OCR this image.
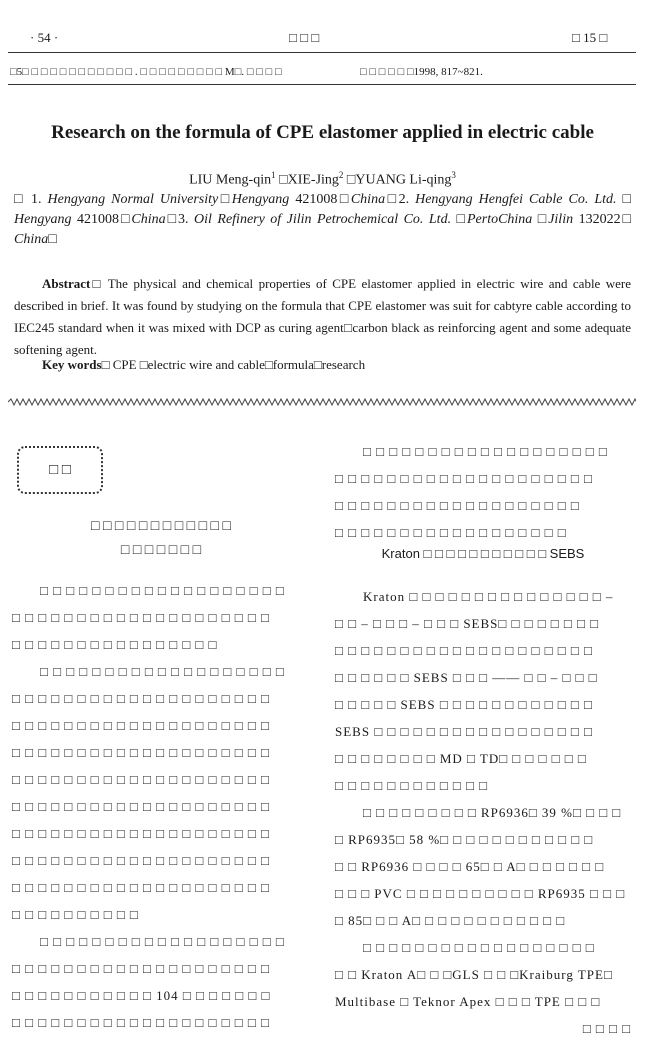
· 54 ·	□ □ □	□ 15 □
□5□ □ □ □ □ □ □ □ □ □ □ □ . □ □ □ □ □ □ □ □ □ M□. □ □ □ □	□ □ □ □ □ □1998, 817~821.
Research on the formula of CPE elastomer applied in electric cable
LIU Meng-qin$^1$ □XIE-Jing$^2$ □YUANG Li-qing$^3$
□ 1. Hengyang Normal University□Hengyang 421008□China□2. Hengyang Hengfei Cable Co. Ltd. □ Hengyang 421008□China□3. Oil Refinery of Jilin Petrochemical Co. Ltd. □PertoChina □Jilin 132022□ China□
Abstract□ The physical and chemical properties of CPE elastomer applied in electric wire and cable were described in brief. It was found by studying on the formula that CPE elastomer was suit for cabtyre cable according to IEC245 standard when it was mixed with DCP as curing agent□carbon black as reinforcing agent and some adequate softening agent.
Key words□ CPE □electric wire and cable□formula□research
□ □
□ □ □ □ □ □ □ □ □ □ □ □
□ □ □ □ □ □ □
□ □ □ □ □ □ □ □ □ □ □ □ □ □ □ □ □ □ □
□ □ □ □ □ □ □ □ □ □ □ □ □ □ □ □ □ □ □ □
□ □ □ □ □ □ □ □ □ □ □ □ □ □ □ □
□ □ □ □ □ □ □ □ □ □ □ □ □ □ □ □ □ □ □
□ □ □ □ □ □ □ □ □ □ □ □ □ □ □ □ □ □ □ □
□ □ □ □ □ □ □ □ □ □ □ □ □ □ □ □ □ □ □ □
□ □ □ □ □ □ □ □ □ □ □ □ □ □ □ □ □ □ □ □
□ □ □ □ □ □ □ □ □ □ □ □ □ □ □ □ □ □ □ □
□ □ □ □ □ □ □ □ □ □ □ □ □ □ □ □ □ □ □ □
□ □ □ □ □ □ □ □ □ □ □ □ □ □ □ □ □ □ □ □
□ □ □ □ □ □ □ □ □ □ □ □ □ □ □ □ □ □ □ □
□ □ □ □ □ □ □ □ □ □ □ □ □ □ □ □ □ □ □ □
□ □ □ □ □ □ □ □ □ □
□ □ □ □ □ □ □ □ □ □ □ □ □ □ □ □ □ □ □
□ □ □ □ □ □ □ □ □ □ □ □ □ □ □ □ □ □ □ □
□ □ □ □ □ □ □ □ □ □ □ 104 □ □ □ □ □ □ □
□ □ □ □ □ □ □ □ □ □ □ □ □ □ □ □ □ □ □ □
□ □ □ □ □ □ □ □ □ □ □ □ □ □ □ □ □ □ □
□ □ □ □ □ □ □ □ □ □ □ □ □ □ □ □ □ □ □ □
□ □ □ □ □ □ □ □ □ □ □ □ □ □ □ □ □ □ □
□ □ □ □ □ □ □ □ □ □ □ □ □ □ □ □ □ □
Kraton □ □ □ □ □ □ □ □ □ □ □ SEBS
Kraton □ □ □ □ □ □ □ □ □ □ □ □ □ □ □ –
□ □ – □ □ □ – □ □ □ SEBS□ □ □ □ □ □ □ □
□ □ □ □ □ □ □ □ □ □ □ □ □ □ □ □ □ □ □ □
□ □ □ □ □ □ SEBS □ □ □ —— □ □ – □ □ □
□ □ □ □ □ SEBS □ □ □ □ □ □ □ □ □ □ □ □
SEBS □ □ □ □ □ □ □ □ □ □ □ □ □ □ □ □ □
□ □ □ □ □ □ □ □ MD □ TD□ □ □ □ □ □ □
□ □ □ □ □ □ □ □ □ □ □ □
□ □ □ □ □ □ □ □ □ RP6936□ 39 %□ □ □ □
□ RP6935□ 58 %□ □ □ □ □ □ □ □ □ □ □ □
□ □ RP6936 □ □ □ □ 65□ □ A□ □ □ □ □ □ □
□ □ □ PVC □ □ □ □ □ □ □ □ □ □ RP6935 □ □ □
□ 85□ □ □ A□ □ □ □ □ □ □ □ □ □ □ □
□ □ □ □ □ □ □ □ □ □ □ □ □ □ □ □ □ □
□ □ Kraton A□ □ □GLS □ □ □Kraiburg TPE□
Multibase □ Teknor Apex □ □ □ TPE □ □ □
□ □ □ □
